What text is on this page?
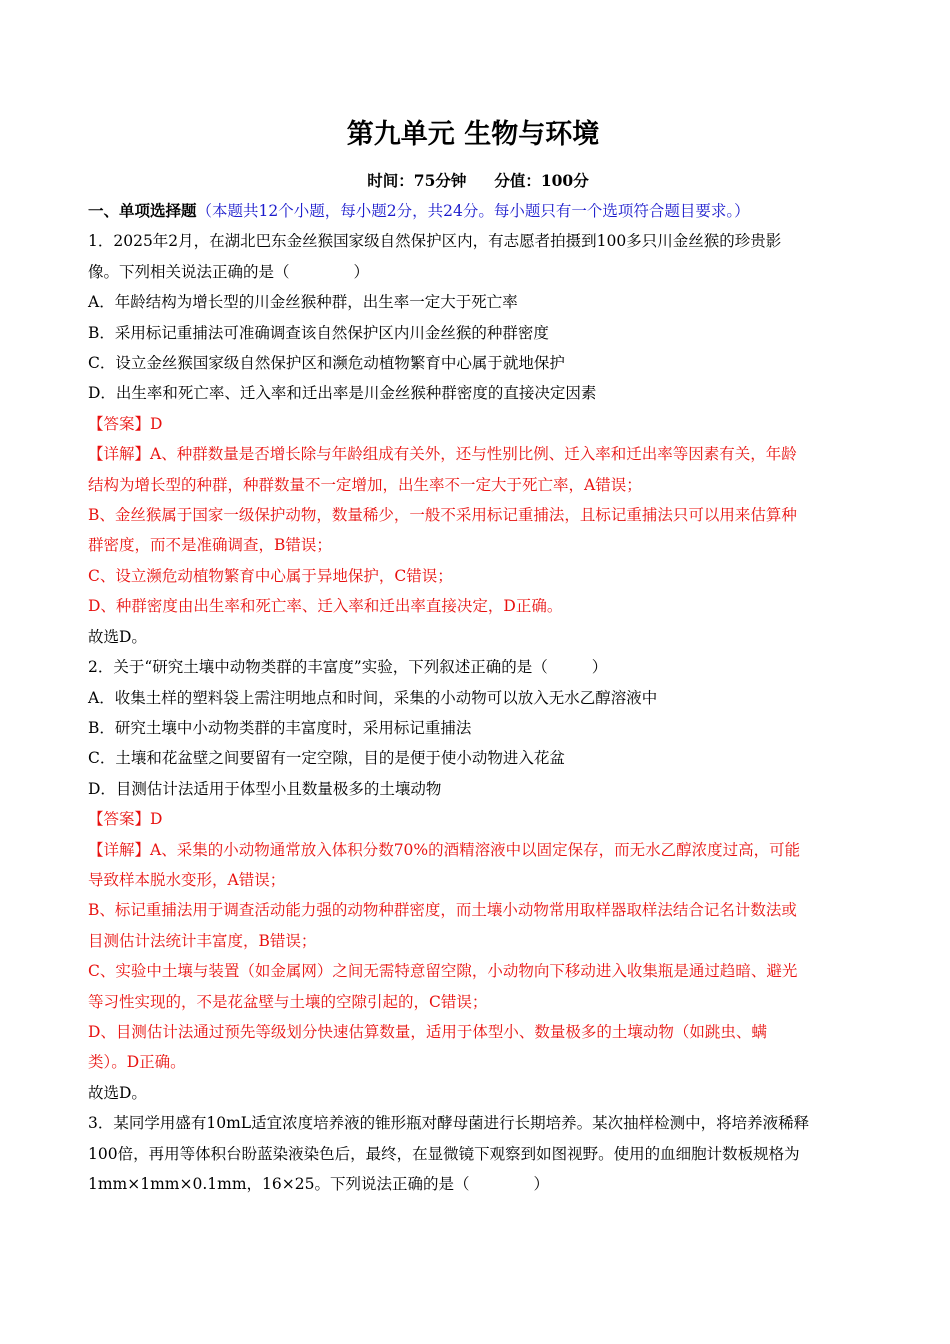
第九单元 生物与环境
时间：75分钟 分值：100分
一、单项选择题（本题共12个小题，每小题2分，共24分。每小题只有一个选项符合题目要求。）
1．2025年2月，在湖北巴东金丝猴国家级自然保护区内，有志愿者拍摄到100多只川金丝猴的珍贵影
像。下列相关说法正确的是（	）
A．年龄结构为增长型的川金丝猴种群，出生率一定大于死亡率
B．采用标记重捕法可准确调查该自然保护区内川金丝猴的种群密度
C．设立金丝猴国家级自然保护区和濒危动植物繁育中心属于就地保护
D．出生率和死亡率、迁入率和迁出率是川金丝猴种群密度的直接决定因素
【答案】D
【详解】A、种群数量是否增长除与年龄组成有关外，还与性别比例、迁入率和迁出率等因素有关，年龄
结构为增长型的种群，种群数量不一定增加，出生率不一定大于死亡率，A错误；
B、金丝猴属于国家一级保护动物，数量稀少，一般不采用标记重捕法，且标记重捕法只可以用来估算种
群密度，而不是准确调查，B错误；
C、设立濒危动植物繁育中心属于异地保护，C错误；
D、种群密度由出生率和死亡率、迁入率和迁出率直接决定，D正确。
故选D。
2．关于“研究土壤中动物类群的丰富度”实验，下列叙述正确的是（	）
A．收集土样的塑料袋上需注明地点和时间，采集的小动物可以放入无水乙醇溶液中
B．研究土壤中小动物类群的丰富度时，采用标记重捕法
C．土壤和花盆壁之间要留有一定空隙，目的是便于使小动物进入花盆
D．目测估计法适用于体型小且数量极多的土壤动物
【答案】D
【详解】A、采集的小动物通常放入体积分数70%的酒精溶液中以固定保存，而无水乙醇浓度过高，可能
导致样本脱水变形，A错误；
B、标记重捕法用于调查活动能力强的动物种群密度，而土壤小动物常用取样器取样法结合记名计数法或
目测估计法统计丰富度，B错误；
C、实验中土壤与装置（如金属网）之间无需特意留空隙，小动物向下移动进入收集瓶是通过趋暗、避光
等习性实现的，不是花盆壁与土壤的空隙引起的，C错误；
D、目测估计法通过预先等级划分快速估算数量，适用于体型小、数量极多的土壤动物（如跳虫、螨
类）。D正确。
故选D。
3．某同学用盛有10mL适宜浓度培养液的锥形瓶对酵母菌进行长期培养。某次抽样检测中，将培养液稀释
100倍，再用等体积台盼蓝染液染色后，最终，在显微镜下观察到如图视野。使用的血细胞计数板规格为
1mm×1mm×0.1mm，16×25。下列说法正确的是（	）
